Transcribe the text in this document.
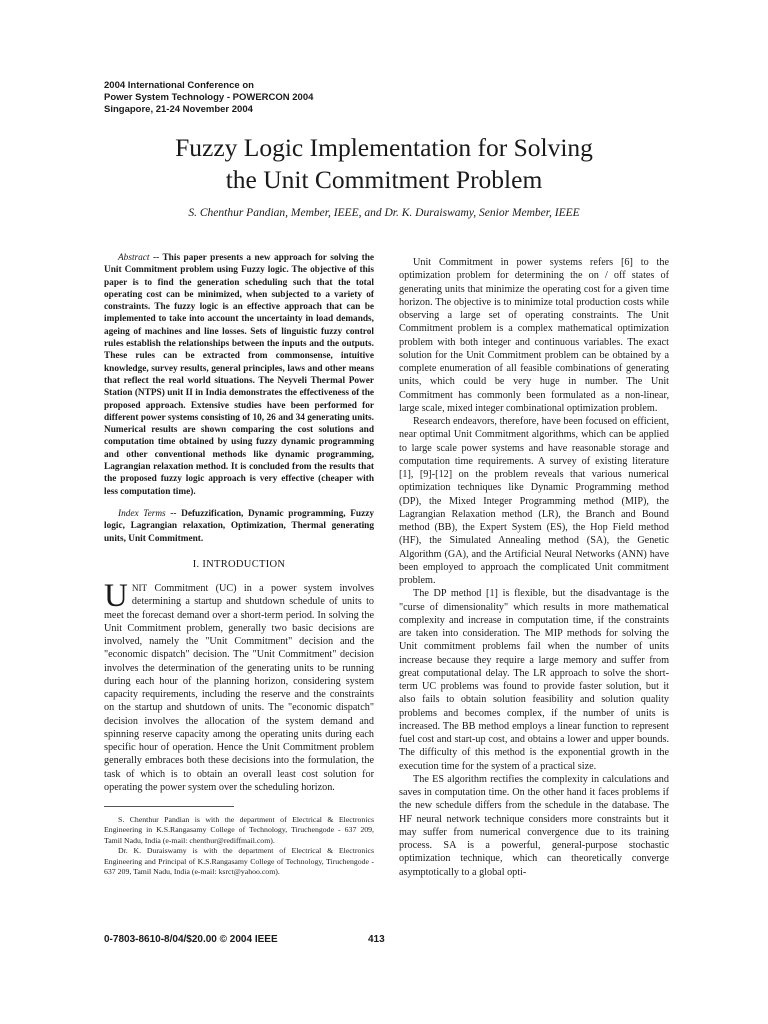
2004 International Conference on
Power System Technology - POWERCON 2004
Singapore, 21-24 November 2004
Fuzzy Logic Implementation for Solving
the Unit Commitment Problem
S. Chenthur Pandian, Member, IEEE, and Dr. K. Duraiswamy, Senior Member, IEEE

Abstract -- This paper presents a new approach for solving the Unit Commitment problem using Fuzzy logic. The objective of this paper is to find the generation scheduling such that the total operating cost can be minimized, when subjected to a variety of constraints. The fuzzy logic is an effective approach that can be implemented to take into account the uncertainty in load demands, ageing of machines and line losses. Sets of linguistic fuzzy control rules establish the relationships between the inputs and the outputs. These rules can be extracted from commonsense, intuitive knowledge, survey results, general principles, laws and other means that reflect the real world situations. The Neyveli Thermal Power Station (NTPS) unit II in India demonstrates the effectiveness of the proposed approach. Extensive studies have been performed for different power systems consisting of 10, 26 and 34 generating units. Numerical results are shown comparing the cost solutions and computation time obtained by using fuzzy dynamic programming and other conventional methods like dynamic programming, Lagrangian relaxation method. It is concluded from the results that the proposed fuzzy logic approach is very effective (cheaper with less computation time).

Index Terms -- Defuzzification, Dynamic programming, Fuzzy logic, Lagrangian relaxation, Optimization, Thermal generating units, Unit Commitment.

I. INTRODUCTION

UNIT Commitment (UC) in a power system involves determining a startup and shutdown schedule of units to meet the forecast demand over a short-term period. In solving the Unit Commitment problem, generally two basic decisions are involved, namely the "Unit Commitment" decision and the "economic dispatch" decision. The "Unit Commitment" decision involves the determination of the generating units to be running during each hour of the planning horizon, considering system capacity requirements, including the reserve and the constraints on the startup and shutdown of units. The "economic dispatch" decision involves the allocation of the system demand and spinning reserve capacity among the operating units during each specific hour of operation. Hence the Unit Commitment problem generally embraces both these decisions into the formulation, the task of which is to obtain an overall least cost solution for operating the power system over the scheduling horizon.

S. Chenthur Pandian is with the department of Electrical & Electronics Engineering in K.S.Rangasamy College of Technology, Tiruchengode - 637 209, Tamil Nadu, India (e-mail: chenthur@rediffmail.com).

Dr. K. Duraiswamy is with the department of Electrical & Electronics Engineering and Principal of K.S.Rangasamy College of Technology, Tiruchengode - 637 209, Tamil Nadu, India (e-mail: ksrct@yahoo.com).

Unit Commitment in power systems refers [6] to the optimization problem for determining the on / off states of generating units that minimize the operating cost for a given time horizon. The objective is to minimize total production costs while observing a large set of operating constraints. The Unit Commitment problem is a complex mathematical optimization problem with both integer and continuous variables. The exact solution for the Unit Commitment problem can be obtained by a complete enumeration of all feasible combinations of generating units, which could be very huge in number. The Unit Commitment has commonly been formulated as a non-linear, large scale, mixed integer combinational optimization problem.

Research endeavors, therefore, have been focused on efficient, near optimal Unit Commitment algorithms, which can be applied to large scale power systems and have reasonable storage and computation time requirements. A survey of existing literature [1], [9]-[12] on the problem reveals that various numerical optimization techniques like Dynamic Programming method (DP), the Mixed Integer Programming method (MIP), the Lagrangian Relaxation method (LR), the Branch and Bound method (BB), the Expert System (ES), the Hop Field method (HF), the Simulated Annealing method (SA), the Genetic Algorithm (GA), and the Artificial Neural Networks (ANN) have been employed to approach the complicated Unit commitment problem.

The DP method [1] is flexible, but the disadvantage is the "curse of dimensionality" which results in more mathematical complexity and increase in computation time, if the constraints are taken into consideration. The MIP methods for solving the Unit commitment problems fail when the number of units increase because they require a large memory and suffer from great computational delay. The LR approach to solve the short-term UC problems was found to provide faster solution, but it also fails to obtain solution feasibility and solution quality problems and becomes complex, if the number of units is increased. The BB method employs a linear function to represent fuel cost and start-up cost, and obtains a lower and upper bounds. The difficulty of this method is the exponential growth in the execution time for the system of a practical size.

The ES algorithm rectifies the complexity in calculations and saves in computation time. On the other hand it faces problems if the new schedule differs from the schedule in the database. The HF neural network technique considers more constraints but it may suffer from numerical convergence due to its training process. SA is a powerful, general-purpose stochastic optimization technique, which can theoretically converge asymptotically to a global opti-

0-7803-8610-8/04/$20.00 © 2004 IEEE	413
